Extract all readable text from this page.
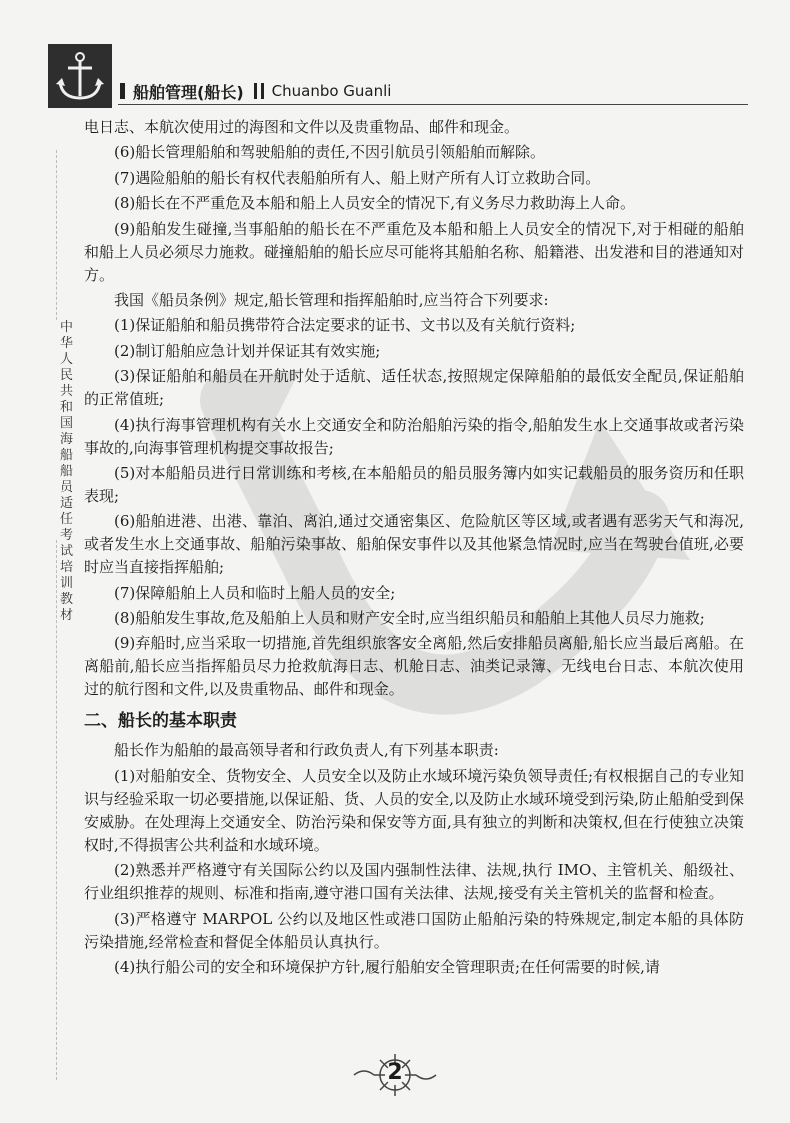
船舶管理(船长) Chuanbo Guanli
中华人民共和国海船船员适任考试培训教材

电日志、本航次使用过的海图和文件以及贵重物品、邮件和现金。

(6)船长管理船舶和驾驶船舶的责任,不因引航员引领船舶而解除。

(7)遇险船舶的船长有权代表船舶所有人、船上财产所有人订立救助合同。

(8)船长在不严重危及本船和船上人员安全的情况下,有义务尽力救助海上人命。

(9)船舶发生碰撞,当事船舶的船长在不严重危及本船和船上人员安全的情况下,对于相碰的船舶和船上人员必须尽力施救。碰撞船舶的船长应尽可能将其船舶名称、船籍港、出发港和目的港通知对方。

我国《船员条例》规定,船长管理和指挥船舶时,应当符合下列要求:

(1)保证船舶和船员携带符合法定要求的证书、文书以及有关航行资料;

(2)制订船舶应急计划并保证其有效实施;

(3)保证船舶和船员在开航时处于适航、适任状态,按照规定保障船舶的最低安全配员,保证船舶的正常值班;

(4)执行海事管理机构有关水上交通安全和防治船舶污染的指令,船舶发生水上交通事故或者污染事故的,向海事管理机构提交事故报告;

(5)对本船船员进行日常训练和考核,在本船船员的船员服务簿内如实记载船员的服务资历和任职表现;

(6)船舶进港、出港、靠泊、离泊,通过交通密集区、危险航区等区域,或者遇有恶劣天气和海况,或者发生水上交通事故、船舶污染事故、船舶保安事件以及其他紧急情况时,应当在驾驶台值班,必要时应当直接指挥船舶;

(7)保障船舶上人员和临时上船人员的安全;

(8)船舶发生事故,危及船舶上人员和财产安全时,应当组织船员和船舶上其他人员尽力施救;

(9)弃船时,应当采取一切措施,首先组织旅客安全离船,然后安排船员离船,船长应当最后离船。在离船前,船长应当指挥船员尽力抢救航海日志、机舱日志、油类记录簿、无线电台日志、本航次使用过的航行图和文件,以及贵重物品、邮件和现金。

二、船长的基本职责

船长作为船舶的最高领导者和行政负责人,有下列基本职责:

(1)对船舶安全、货物安全、人员安全以及防止水域环境污染负领导责任;有权根据自己的专业知识与经验采取一切必要措施,以保证船、货、人员的安全,以及防止水域环境受到污染,防止船舶受到保安威胁。在处理海上交通安全、防治污染和保安等方面,具有独立的判断和决策权,但在行使独立决策权时,不得损害公共利益和水域环境。

(2)熟悉并严格遵守有关国际公约以及国内强制性法律、法规,执行 IMO、主管机关、船级社、行业组织推荐的规则、标准和指南,遵守港口国有关法律、法规,接受有关主管机关的监督和检查。

(3)严格遵守 MARPOL 公约以及地区性或港口国防止船舶污染的特殊规定,制定本船的具体防污染措施,经常检查和督促全体船员认真执行。

(4)执行船公司的安全和环境保护方针,履行船舶安全管理职责;在任何需要的时候,请

2
